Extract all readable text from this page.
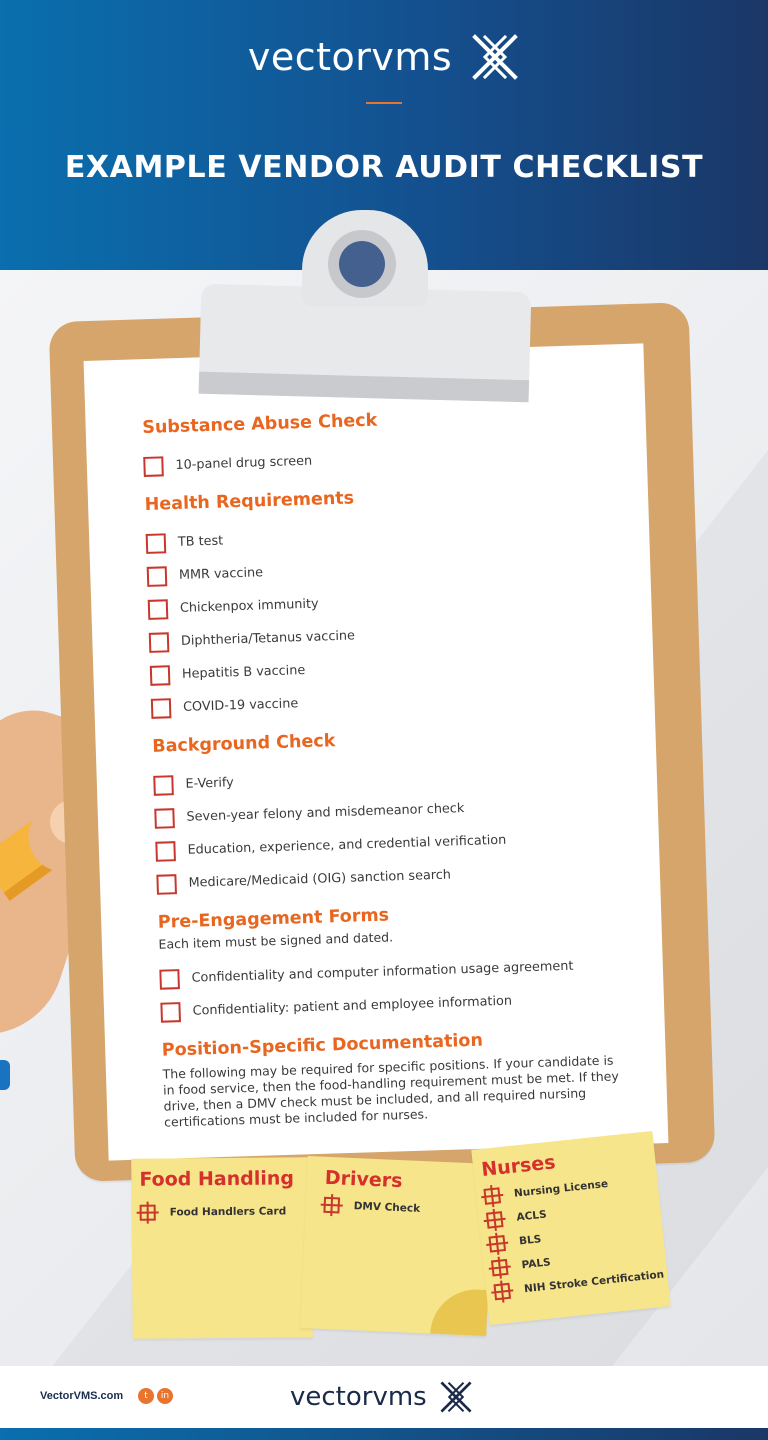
vectorvms
EXAMPLE VENDOR AUDIT CHECKLIST
Substance Abuse Check
10-panel drug screen
Health Requirements
TB test
MMR vaccine
Chickenpox immunity
Diphtheria/Tetanus vaccine
Hepatitis B vaccine
COVID-19 vaccine
Background Check
E-Verify
Seven-year felony and misdemeanor check
Education, experience, and credential verification
Medicare/Medicaid (OIG) sanction search
Pre-Engagement Forms
Each item must be signed and dated.
Confidentiality and computer information usage agreement
Confidentiality: patient and employee information
Position-Specific Documentation
The following may be required for specific positions. If your candidate is in food service, then the food-handling requirement must be met. If they drive, then a DMV check must be included, and all required nursing certifications must be included for nurses.
Food Handling
Food Handlers Card
Drivers
DMV Check
Nurses
Nursing License
ACLS
BLS
PALS
NIH Stroke Certification
VectorVMS.com	t	in	vectorvms
